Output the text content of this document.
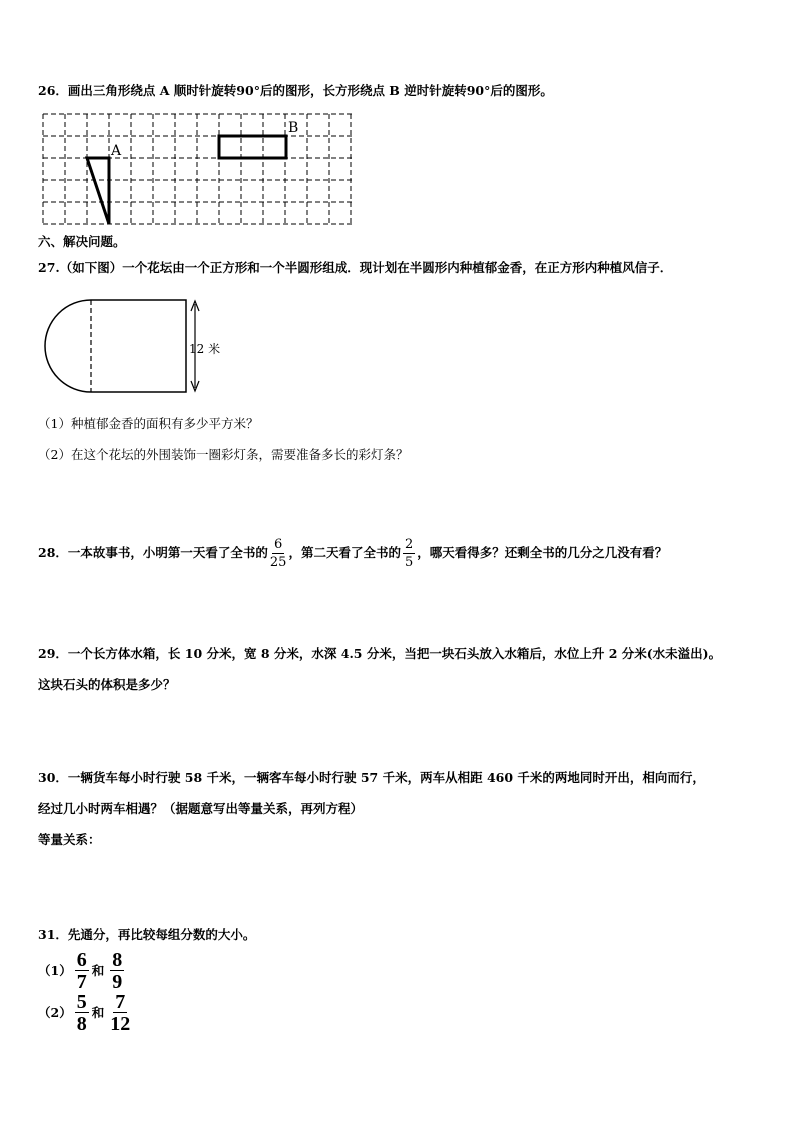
26．画出三角形绕点 A 顺时针旋转90°后的图形，长方形绕点 B 逆时针旋转90°后的图形。
A
B
六、解决问题。
27.（如下图）一个花坛由一个正方形和一个半圆形组成．现计划在半圆形内种植郁金香，在正方形内种植风信子．
12 米
（1）种植郁金香的面积有多少平方米？
（2）在这个花坛的外围装饰一圈彩灯条，需要准备多长的彩灯条？
28．一本故事书，小明第一天看了全书的 $\frac{6}{25}$ ，第二天看了全书的 $\frac{2}{5}$ ，哪天看得多？还剩全书的几分之几没有看？
29．一个长方体水箱，长 10 分米，宽 8 分米，水深 4.5 分米，当把一块石头放入水箱后，水位上升 2 分米(水未溢出)。
这块石头的体积是多少？
30．一辆货车每小时行驶 58 千米，一辆客车每小时行驶 57 千米，两车从相距 460 千米的两地同时开出，相向而行，
经过几小时两车相遇？（据题意写出等量关系，再列方程）
等量关系：
31．先通分，再比较每组分数的大小。
$(1) \frac{6}{7}$ 和 $\frac{8}{9}$
$(2) \frac{5}{8}$ 和 $\frac{7}{12}$
